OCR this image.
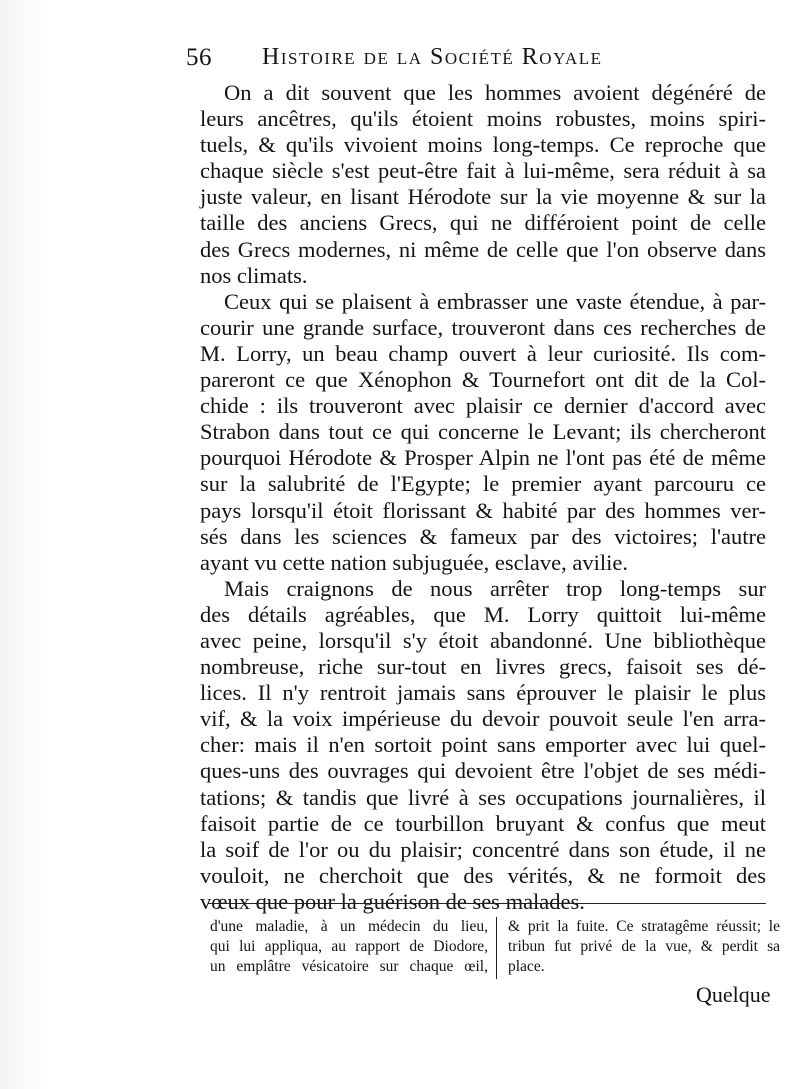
56 Histoire de la Société Royale
On a dit souvent que les hommes avoient dégénéré de
leurs ancêtres, qu'ils étoient moins robustes, moins spiri-
tuels, & qu'ils vivoient moins long-temps. Ce reproche que
chaque siècle s'est peut-être fait à lui-même, sera réduit à sa
juste valeur, en lisant Hérodote sur la vie moyenne & sur la
taille des anciens Grecs, qui ne différoient point de celle
des Grecs modernes, ni même de celle que l'on observe dans
nos climats.
Ceux qui se plaisent à embrasser une vaste étendue, à par-
courir une grande surface, trouveront dans ces recherches de
M. Lorry, un beau champ ouvert à leur curiosité. Ils com-
pareront ce que Xénophon & Tournefort ont dit de la Col-
chide : ils trouveront avec plaisir ce dernier d'accord avec
Strabon dans tout ce qui concerne le Levant; ils chercheront
pourquoi Hérodote & Prosper Alpin ne l'ont pas été de même
sur la salubrité de l'Egypte; le premier ayant parcouru ce
pays lorsqu'il étoit florissant & habité par des hommes ver-
sés dans les sciences & fameux par des victoires; l'autre
ayant vu cette nation subjuguée, esclave, avilie.
Mais craignons de nous arrêter trop long-temps sur
des détails agréables, que M. Lorry quittoit lui-même
avec peine, lorsqu'il s'y étoit abandonné. Une bibliothèque
nombreuse, riche sur-tout en livres grecs, faisoit ses dé-
lices. Il n'y rentroit jamais sans éprouver le plaisir le plus
vif, & la voix impérieuse du devoir pouvoit seule l'en arra-
cher: mais il n'en sortoit point sans emporter avec lui quel-
ques-uns des ouvrages qui devoient être l'objet de ses médi-
tations; & tandis que livré à ses occupations journalières, il
faisoit partie de ce tourbillon bruyant & confus que meut
la soif de l'or ou du plaisir; concentré dans son étude, il ne
vouloit, ne cherchoit que des vérités, & ne formoit des
vœux que pour la guérison de ses malades.
d'une maladie, à un médecin du lieu,
qui lui appliqua, au rapport de Diodore,
un emplâtre vésicatoire sur chaque œil,
& prit la fuite. Ce stratagême réussit; le
tribun fut privé de la vue, & perdit sa
place.
Quelque
